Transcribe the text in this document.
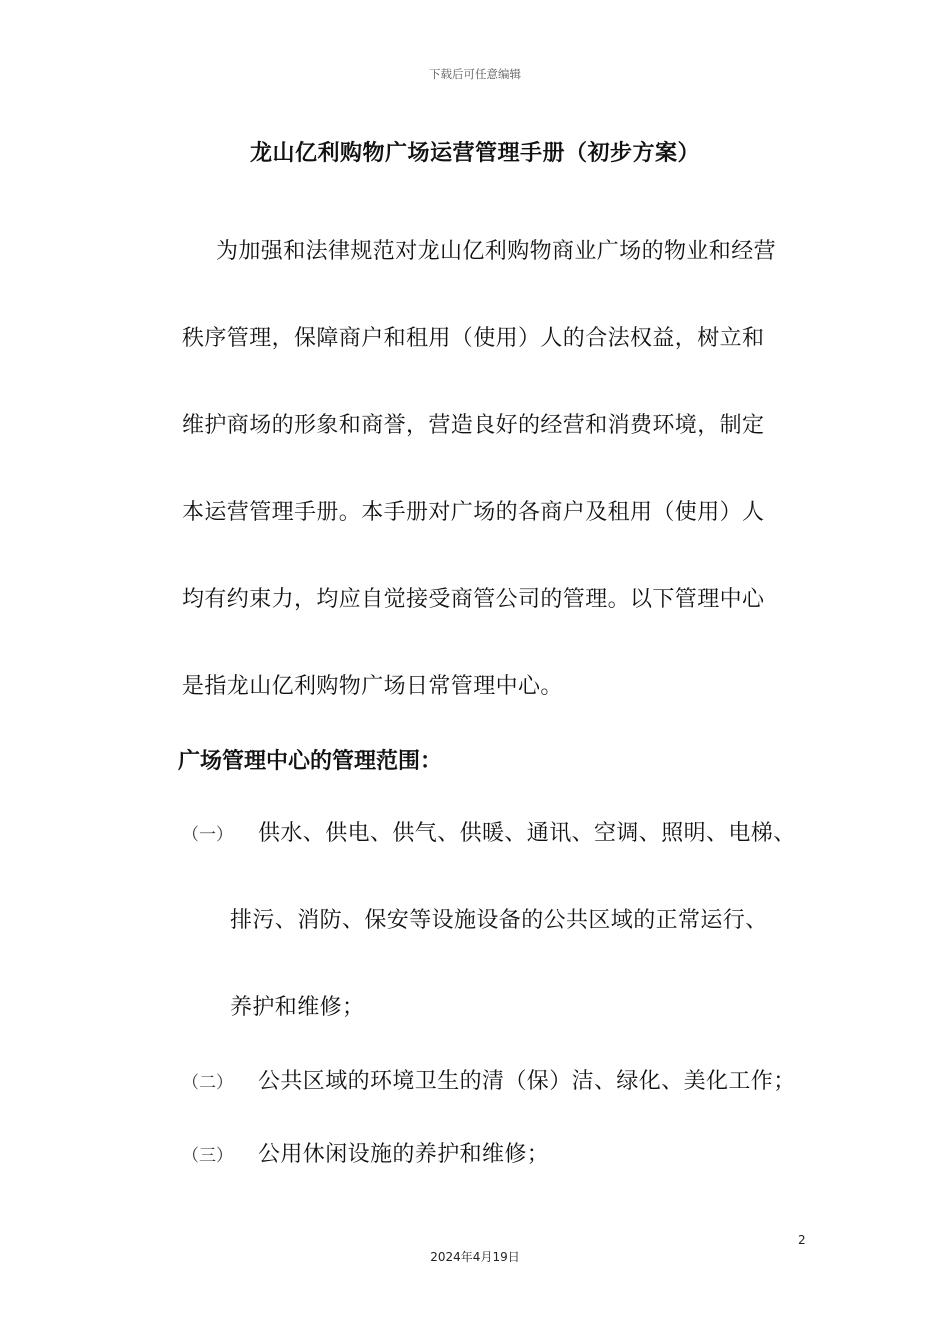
下载后可任意编辑
龙山亿利购物广场运营管理手册（初步方案）
为加强和法律规范对龙山亿利购物商业广场的物业和经营
秩序管理，保障商户和租用（使用）人的合法权益，树立和
维护商场的形象和商誉，营造良好的经营和消费环境，制定
本运营管理手册。本手册对广场的各商户及租用（使用）人
均有约束力，均应自觉接受商管公司的管理。以下管理中心
是指龙山亿利购物广场日常管理中心。
广场管理中心的管理范围：
（一） 供水、供电、供气、供暖、通讯、空调、照明、电梯、
排污、消防、保安等设施设备的公共区域的正常运行、
养护和维修；
（二） 公共区域的环境卫生的清（保）洁、绿化、美化工作；
（三） 公用休闲设施的养护和维修；
2
2024年4月19日
